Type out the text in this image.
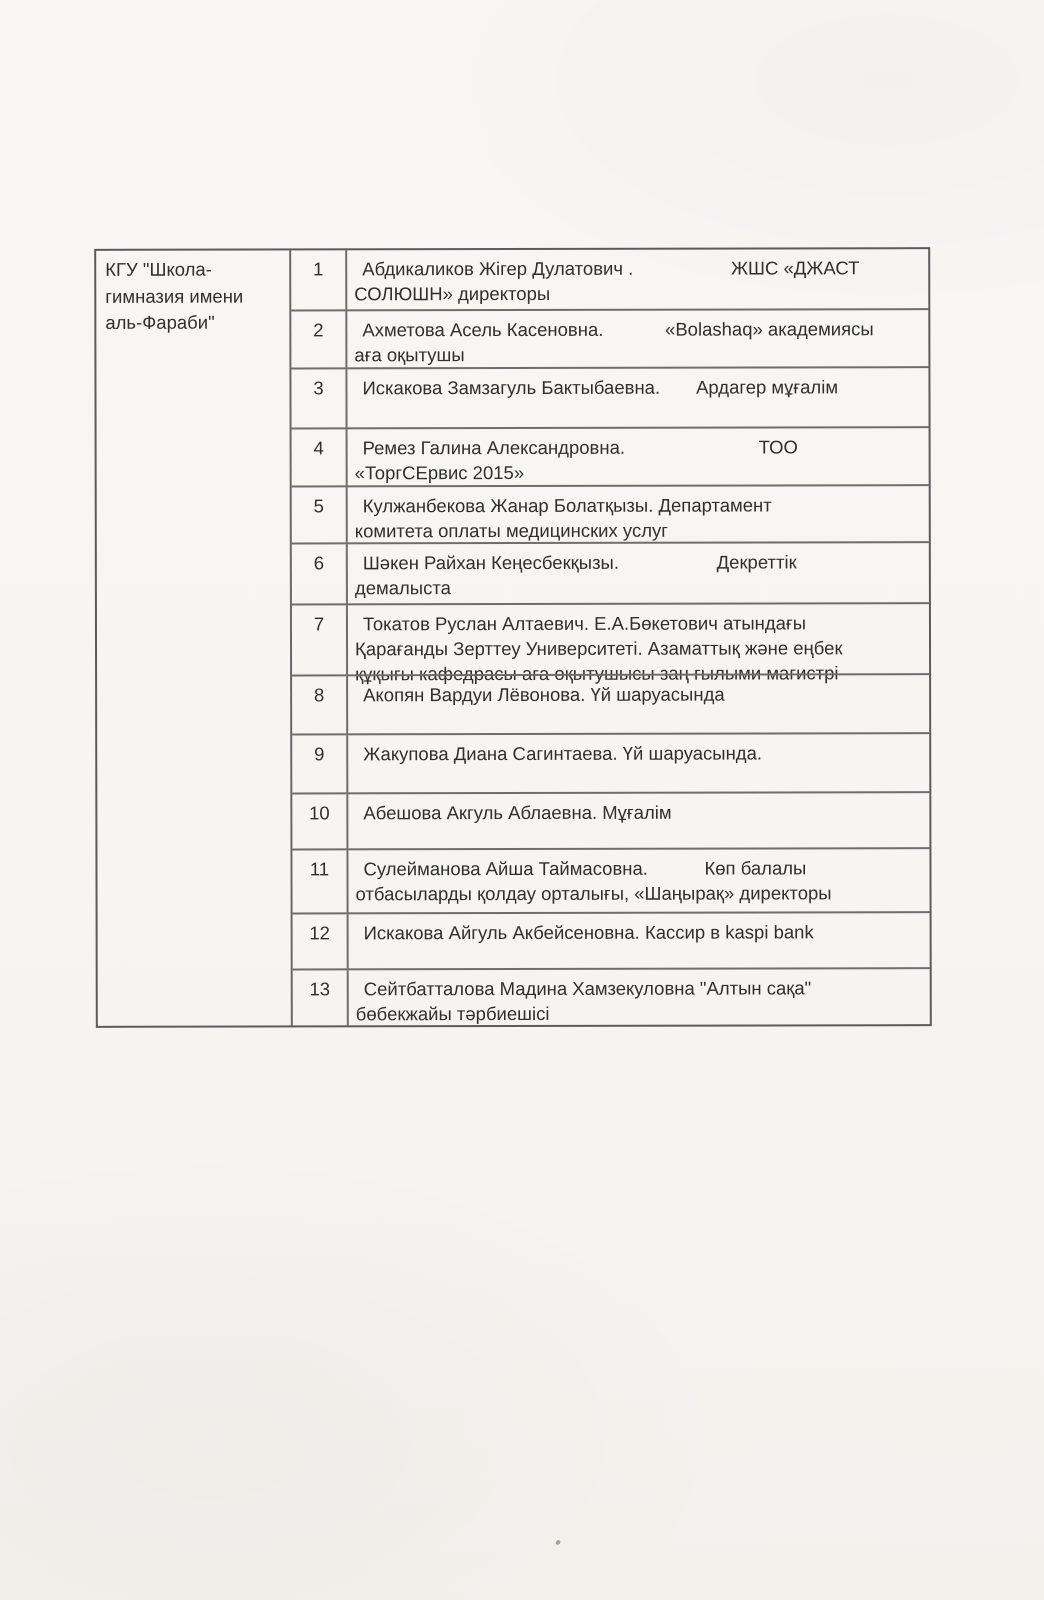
КГУ "Школа-
гимназия имени
аль-Фараби"
1	Абдикаликов Жігер Дулатович .                   ЖШС «ДЖАСТ
СОЛЮШН» директоры
2	Ахметова Асель Касеновна.            «Bolashaq» академиясы
аға оқытушы
3	Искакова Замзагуль Бактыбаевна.       Ардагер мұғалім
4	Ремез Галина Александровна.                          ТОО
«ТоргСЕрвис 2015»
5	Кулжанбекова Жанар Болатқызы. Департамент
комитета оплаты медицинских услуг
6	Шәкен Райхан Кеңесбекқызы.                   Декреттік
демалыста
7	Токатов Руслан Алтаевич. Е.А.Бөкетович атындағы
Қарағанды Зерттеу Университеті. Азаматтық және еңбек
құқығы кафедрасы аға оқытушысы заң ғылыми магистрі
8	Акопян Вардуи Лёвонова. Үй шаруасында
9	Жакупова Диана Сагинтаева. Үй шаруасында.
10	Абешова Акгуль Аблаевна. Мұғалім
11	Сулейманова Айша Таймасовна.           Көп балалы
отбасыларды қолдау орталығы, «Шаңырақ» директоры
12	Искакова Айгуль Акбейсеновна. Кассир в kaspi bank
13	Сейтбатталова Мадина Хамзекуловна "Алтын сақа"
бөбекжайы тәрбиешісі
